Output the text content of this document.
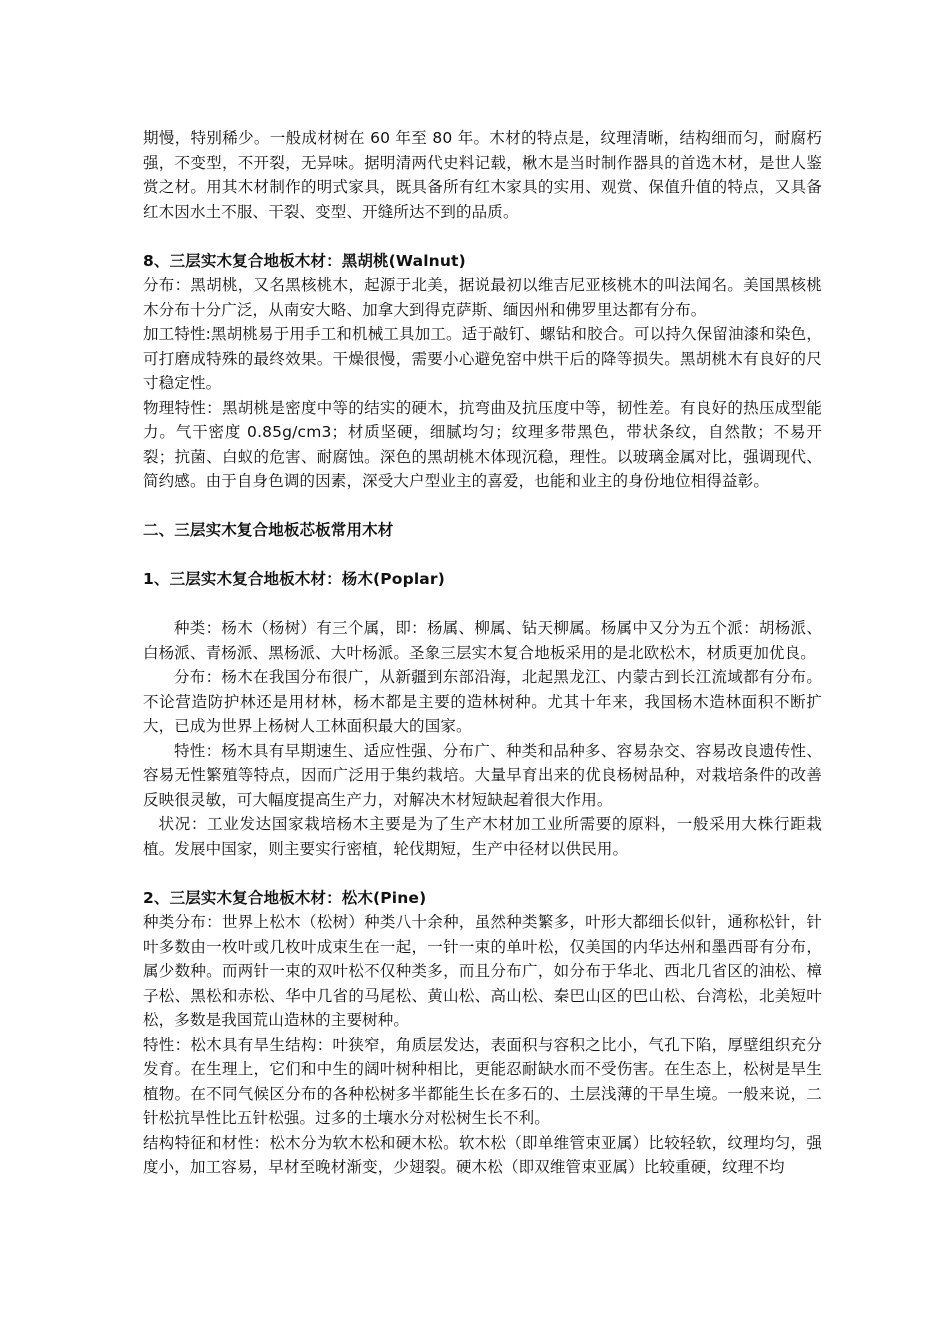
期慢，特别稀少。一般成材树在 60 年至 80 年。木材的特点是，纹理清晰，结构细而匀，耐腐朽强，不变型，不开裂，无异味。据明清两代史料记载，楸木是当时制作器具的首选木材，是世人鉴赏之材。用其木材制作的明式家具，既具备所有红木家具的实用、观赏、保值升值的特点，又具备红木因水土不服、干裂、变型、开缝所达不到的品质。

8、三层实木复合地板木材：黑胡桃(Walnut)

分布：黑胡桃，又名黑核桃木，起源于北美，据说最初以维吉尼亚核桃木的叫法闻名。美国黑核桃木分布十分广泛，从南安大略、加拿大到得克萨斯、缅因州和佛罗里达都有分布。

加工特性:黑胡桃易于用手工和机械工具加工。适于敲钉、螺钻和胶合。可以持久保留油漆和染色，可打磨成特殊的最终效果。干燥很慢，需要小心避免窑中烘干后的降等损失。黑胡桃木有良好的尺寸稳定性。

物理特性：黑胡桃是密度中等的结实的硬木，抗弯曲及抗压度中等，韧性差。有良好的热压成型能力。气干密度 0.85g/cm3；材质坚硬，细腻均匀；纹理多带黑色，带状条纹，自然散；不易开裂；抗菌、白蚁的危害、耐腐蚀。深色的黑胡桃木体现沉稳，理性。以玻璃金属对比，强调现代、简约感。由于自身色调的因素，深受大户型业主的喜爱，也能和业主的身份地位相得益彰。

二、三层实木复合地板芯板常用木材

1、三层实木复合地板木材：杨木(Poplar)

种类：杨木（杨树）有三个属，即：杨属、柳属、钻天柳属。杨属中又分为五个派：胡杨派、白杨派、青杨派、黑杨派、大叶杨派。圣象三层实木复合地板采用的是北欧松木，材质更加优良。

分布：杨木在我国分布很广，从新疆到东部沿海，北起黑龙江、内蒙古到长江流域都有分布。不论营造防护林还是用材林，杨木都是主要的造林树种。尤其十年来，我国杨木造林面积不断扩大，已成为世界上杨树人工林面积最大的国家。

特性：杨木具有早期速生、适应性强、分布广、种类和品种多、容易杂交、容易改良遗传性、容易无性繁殖等特点，因而广泛用于集约栽培。大量早育出来的优良杨树品种，对栽培条件的改善反映很灵敏，可大幅度提高生产力，对解决木材短缺起着很大作用。

状况：工业发达国家栽培杨木主要是为了生产木材加工业所需要的原料，一般采用大株行距栽植。发展中国家，则主要实行密植，轮伐期短，生产中径材以供民用。

2、三层实木复合地板木材：松木(Pine)

种类分布：世界上松木（松树）种类八十余种，虽然种类繁多，叶形大都细长似针，通称松针，针叶多数由一枚叶或几枚叶成束生在一起，一针一束的单叶松，仅美国的内华达州和墨西哥有分布，属少数种。而两针一束的双叶松不仅种类多，而且分布广，如分布于华北、西北几省区的油松、樟子松、黑松和赤松、华中几省的马尾松、黄山松、高山松、秦巴山区的巴山松、台湾松，北美短叶松，多数是我国荒山造林的主要树种。

特性：松木具有旱生结构：叶狭窄，角质层发达，表面积与容积之比小，气孔下陷，厚壁组织充分发育。在生理上，它们和中生的阔叶树种相比，更能忍耐缺水而不受伤害。在生态上，松树是旱生植物。在不同气候区分布的各种松树多半都能生长在多石的、土层浅薄的干旱生境。一般来说，二针松抗旱性比五针松强。过多的土壤水分对松树生长不利。

结构特征和材性：松木分为软木松和硬木松。软木松（即单维管束亚属）比较轻软，纹理均匀，强度小，加工容易，早材至晚材渐变，少翅裂。硬木松（即双维管束亚属）比较重硬，纹理不均
